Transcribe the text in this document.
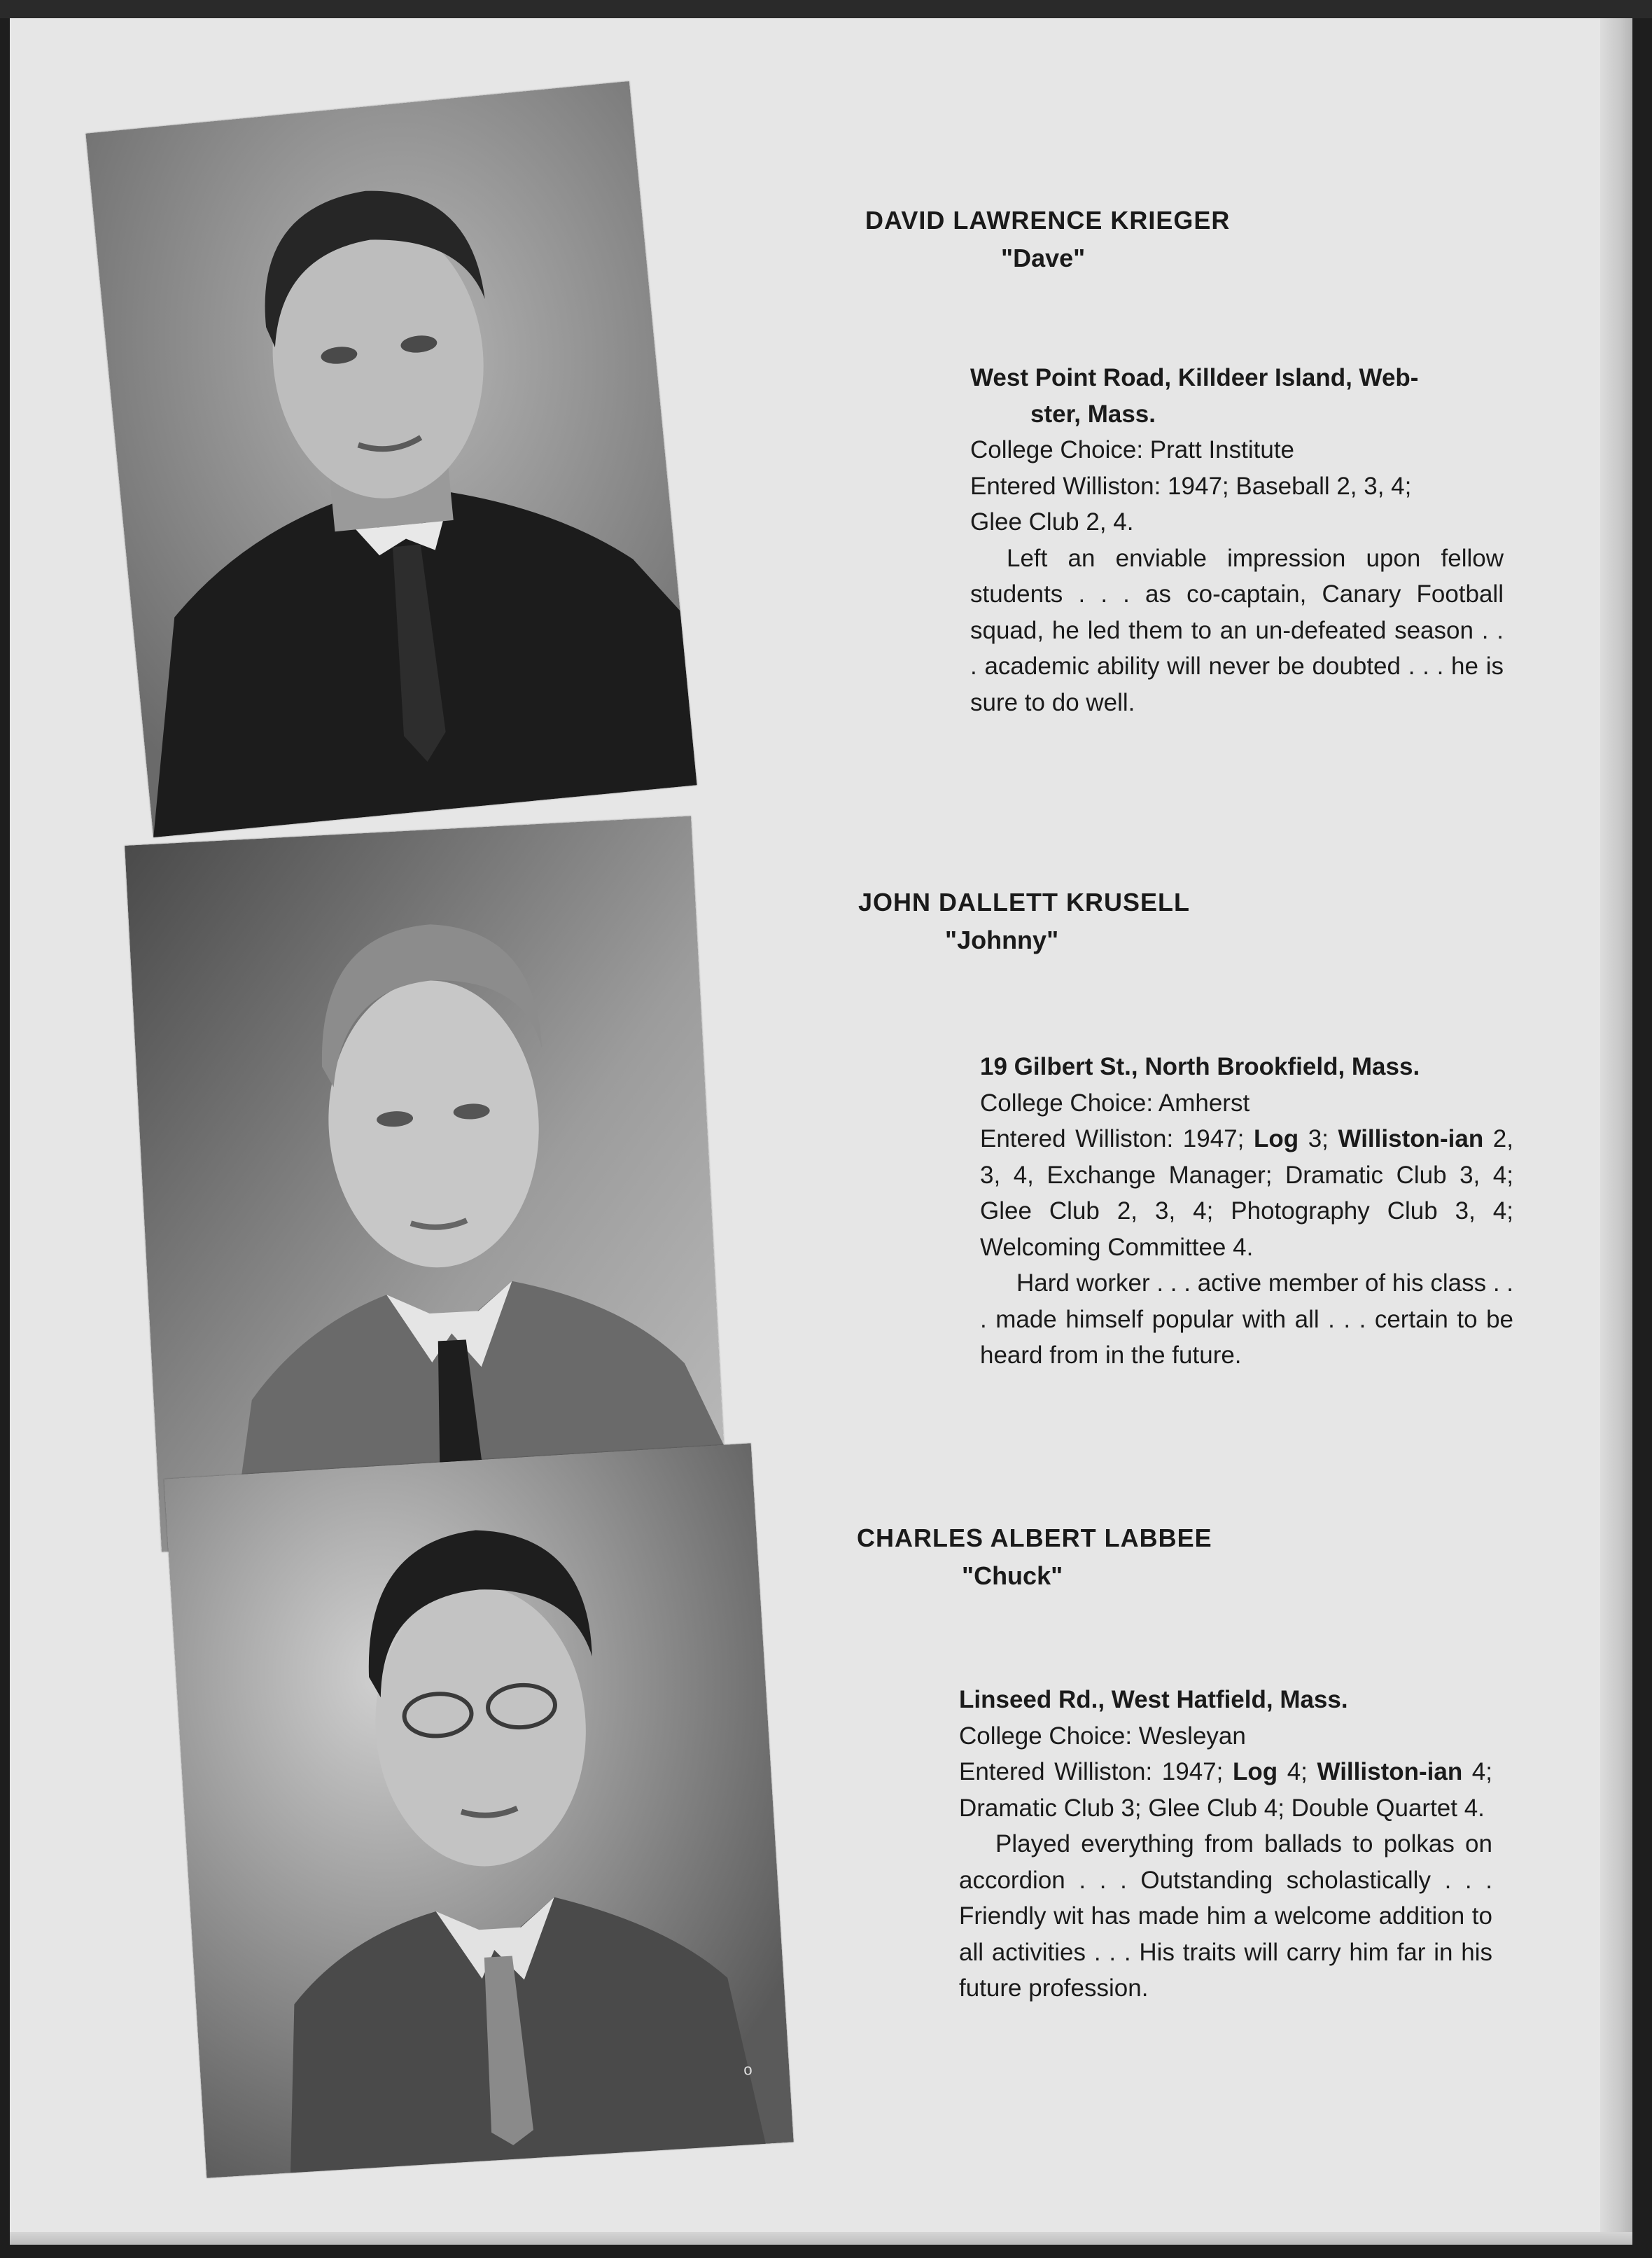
o
DAVID LAWRENCE KRIEGER
"Dave"
West Point Road, Killdeer Island, Web-
ster, Mass.
College Choice: Pratt Institute
Entered Williston: 1947; Baseball 2, 3, 4;
Glee Club 2, 4.
Left an enviable impression upon fellow students . . . as co-captain, Canary Football squad, he led them to an un-defeated season . . . academic ability will never be doubted . . . he is sure to do well.
JOHN DALLETT KRUSELL
"Johnny"
19 Gilbert St., North Brookfield, Mass.
College Choice: Amherst
Entered Williston: 1947; Log 3; Williston-ian 2, 3, 4, Exchange Manager; Dramatic Club 3, 4; Glee Club 2, 3, 4; Photography Club 3, 4; Welcoming Committee 4.
Hard worker . . . active member of his class . . . made himself popular with all . . . certain to be heard from in the future.
CHARLES ALBERT LABBEE
"Chuck"
Linseed Rd., West Hatfield, Mass.
College Choice: Wesleyan
Entered Williston: 1947; Log 4; Williston-ian 4; Dramatic Club 3; Glee Club 4; Double Quartet 4.
Played everything from ballads to polkas on accordion . . . Outstanding scholastically . . . Friendly wit has made him a welcome addition to all activities . . . His traits will carry him far in his future profession.
